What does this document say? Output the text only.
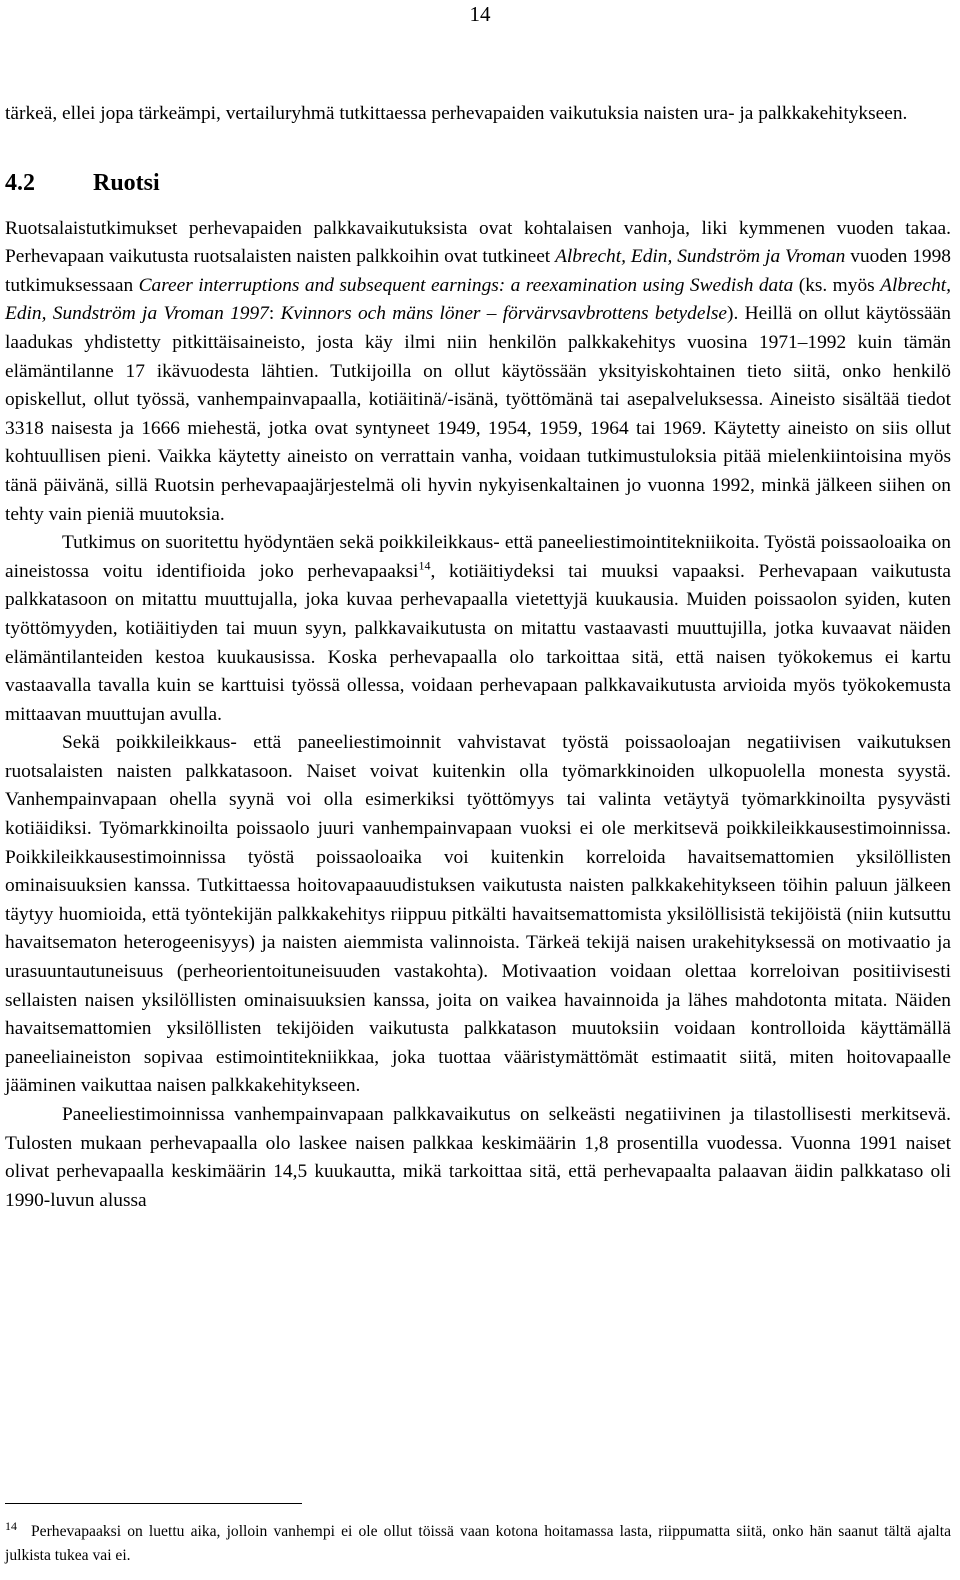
14

tärkeä, ellei jopa tärkeämpi, vertailuryhmä tutkittaessa perhevapaiden vaikutuksia naisten ura- ja palkkakehitykseen.

4.2 Ruotsi

Ruotsalaistutkimukset perhevapaiden palkkavaikutuksista ovat kohtalaisen vanhoja, liki kymmenen vuoden takaa. Perhevapaan vaikutusta ruotsalaisten naisten palkkoihin ovat tutkineet Albrecht, Edin, Sundström ja Vroman vuoden 1998 tutkimuksessaan Career interruptions and subsequent earnings: a reexamination using Swedish data (ks. myös Albrecht, Edin, Sundström ja Vroman 1997: Kvinnors och mäns löner – förvärvsavbrottens betydelse). Heillä on ollut käytössään laadukas yhdistetty pitkittäisaineisto, josta käy ilmi niin henkilön palkkakehitys vuosina 1971–1992 kuin tämän elämäntilanne 17 ikävuodesta lähtien. Tutkijoilla on ollut käytössään yksityiskohtainen tieto siitä, onko henkilö opiskellut, ollut työssä, vanhempainvapaalla, kotiäitinä/-isänä, työttömänä tai asepalveluksessa. Aineisto sisältää tiedot 3318 naisesta ja 1666 miehestä, jotka ovat syntyneet 1949, 1954, 1959, 1964 tai 1969. Käytetty aineisto on siis ollut kohtuullisen pieni. Vaikka käytetty aineisto on verrattain vanha, voidaan tutkimustuloksia pitää mielenkiintoisina myös tänä päivänä, sillä Ruotsin perhevapaajärjestelmä oli hyvin nykyisenkaltainen jo vuonna 1992, minkä jälkeen siihen on tehty vain pieniä muutoksia.

Tutkimus on suoritettu hyödyntäen sekä poikkileikkaus- että paneeliestimointitekniikoita. Työstä poissaoloaika on aineistossa voitu identifioida joko perhevapaaksi$^{14}$, kotiäitiydeksi tai muuksi vapaaksi. Perhevapaan vaikutusta palkkatasoon on mitattu muuttujalla, joka kuvaa perhevapaalla vietettyjä kuukausia. Muiden poissaolon syiden, kuten työttömyyden, kotiäitiyden tai muun syyn, palkkavaikutusta on mitattu vastaavasti muuttujilla, jotka kuvaavat näiden elämäntilanteiden kestoa kuukausissa. Koska perhevapaalla olo tarkoittaa sitä, että naisen työkokemus ei kartu vastaavalla tavalla kuin se karttuisi työssä ollessa, voidaan perhevapaan palkkavaikutusta arvioida myös työkokemusta mittaavan muuttujan avulla.

Sekä poikkileikkaus- että paneeliestimoinnit vahvistavat työstä poissaoloajan negatiivisen vaikutuksen ruotsalaisten naisten palkkatasoon. Naiset voivat kuitenkin olla työmarkkinoiden ulkopuolella monesta syystä. Vanhempainvapaan ohella syynä voi olla esimerkiksi työttömyys tai valinta vetäytyä työmarkkinoilta pysyvästi kotiäidiksi. Työmarkkinoilta poissaolo juuri vanhempainvapaan vuoksi ei ole merkitsevä poikkileikkausestimoinnissa. Poikkileikkausestimoinnissa työstä poissaoloaika voi kuitenkin korreloida havaitsemattomien yksilöllisten ominaisuuksien kanssa. Tutkittaessa hoitovapaauudistuksen vaikutusta naisten palkkakehitykseen töihin paluun jälkeen täytyy huomioida, että työntekijän palkkakehitys riippuu pitkälti havaitsemattomista yksilöllisistä tekijöistä (niin kutsuttu havaitsematon heterogeenisyys) ja naisten aiemmista valinnoista. Tärkeä tekijä naisen urakehityksessä on motivaatio ja urasuuntautuneisuus (perheorientoituneisuuden vastakohta). Motivaation voidaan olettaa korreloivan positiivisesti sellaisten naisen yksilöllisten ominaisuuksien kanssa, joita on vaikea havainnoida ja lähes mahdotonta mitata. Näiden havaitsemattomien yksilöllisten tekijöiden vaikutusta palkkatason muutoksiin voidaan kontrolloida käyttämällä paneeliaineiston sopivaa estimointitekniikkaa, joka tuottaa vääristymättömät estimaatit siitä, miten hoitovapaalle jääminen vaikuttaa naisen palkkakehitykseen.

Paneeliestimoinnissa vanhempainvapaan palkkavaikutus on selkeästi negatiivinen ja tilastollisesti merkitsevä. Tulosten mukaan perhevapaalla olo laskee naisen palkkaa keskimäärin 1,8 prosentilla vuodessa. Vuonna 1991 naiset olivat perhevapaalla keskimäärin 14,5 kuukautta, mikä tarkoittaa sitä, että perhevapaalta palaavan äidin palkkataso oli 1990-luvun alussa

$^{14}$ Perhevapaaksi on luettu aika, jolloin vanhempi ei ole ollut töissä vaan kotona hoitamassa lasta, riippumatta siitä, onko hän saanut tältä ajalta julkista tukea vai ei.
